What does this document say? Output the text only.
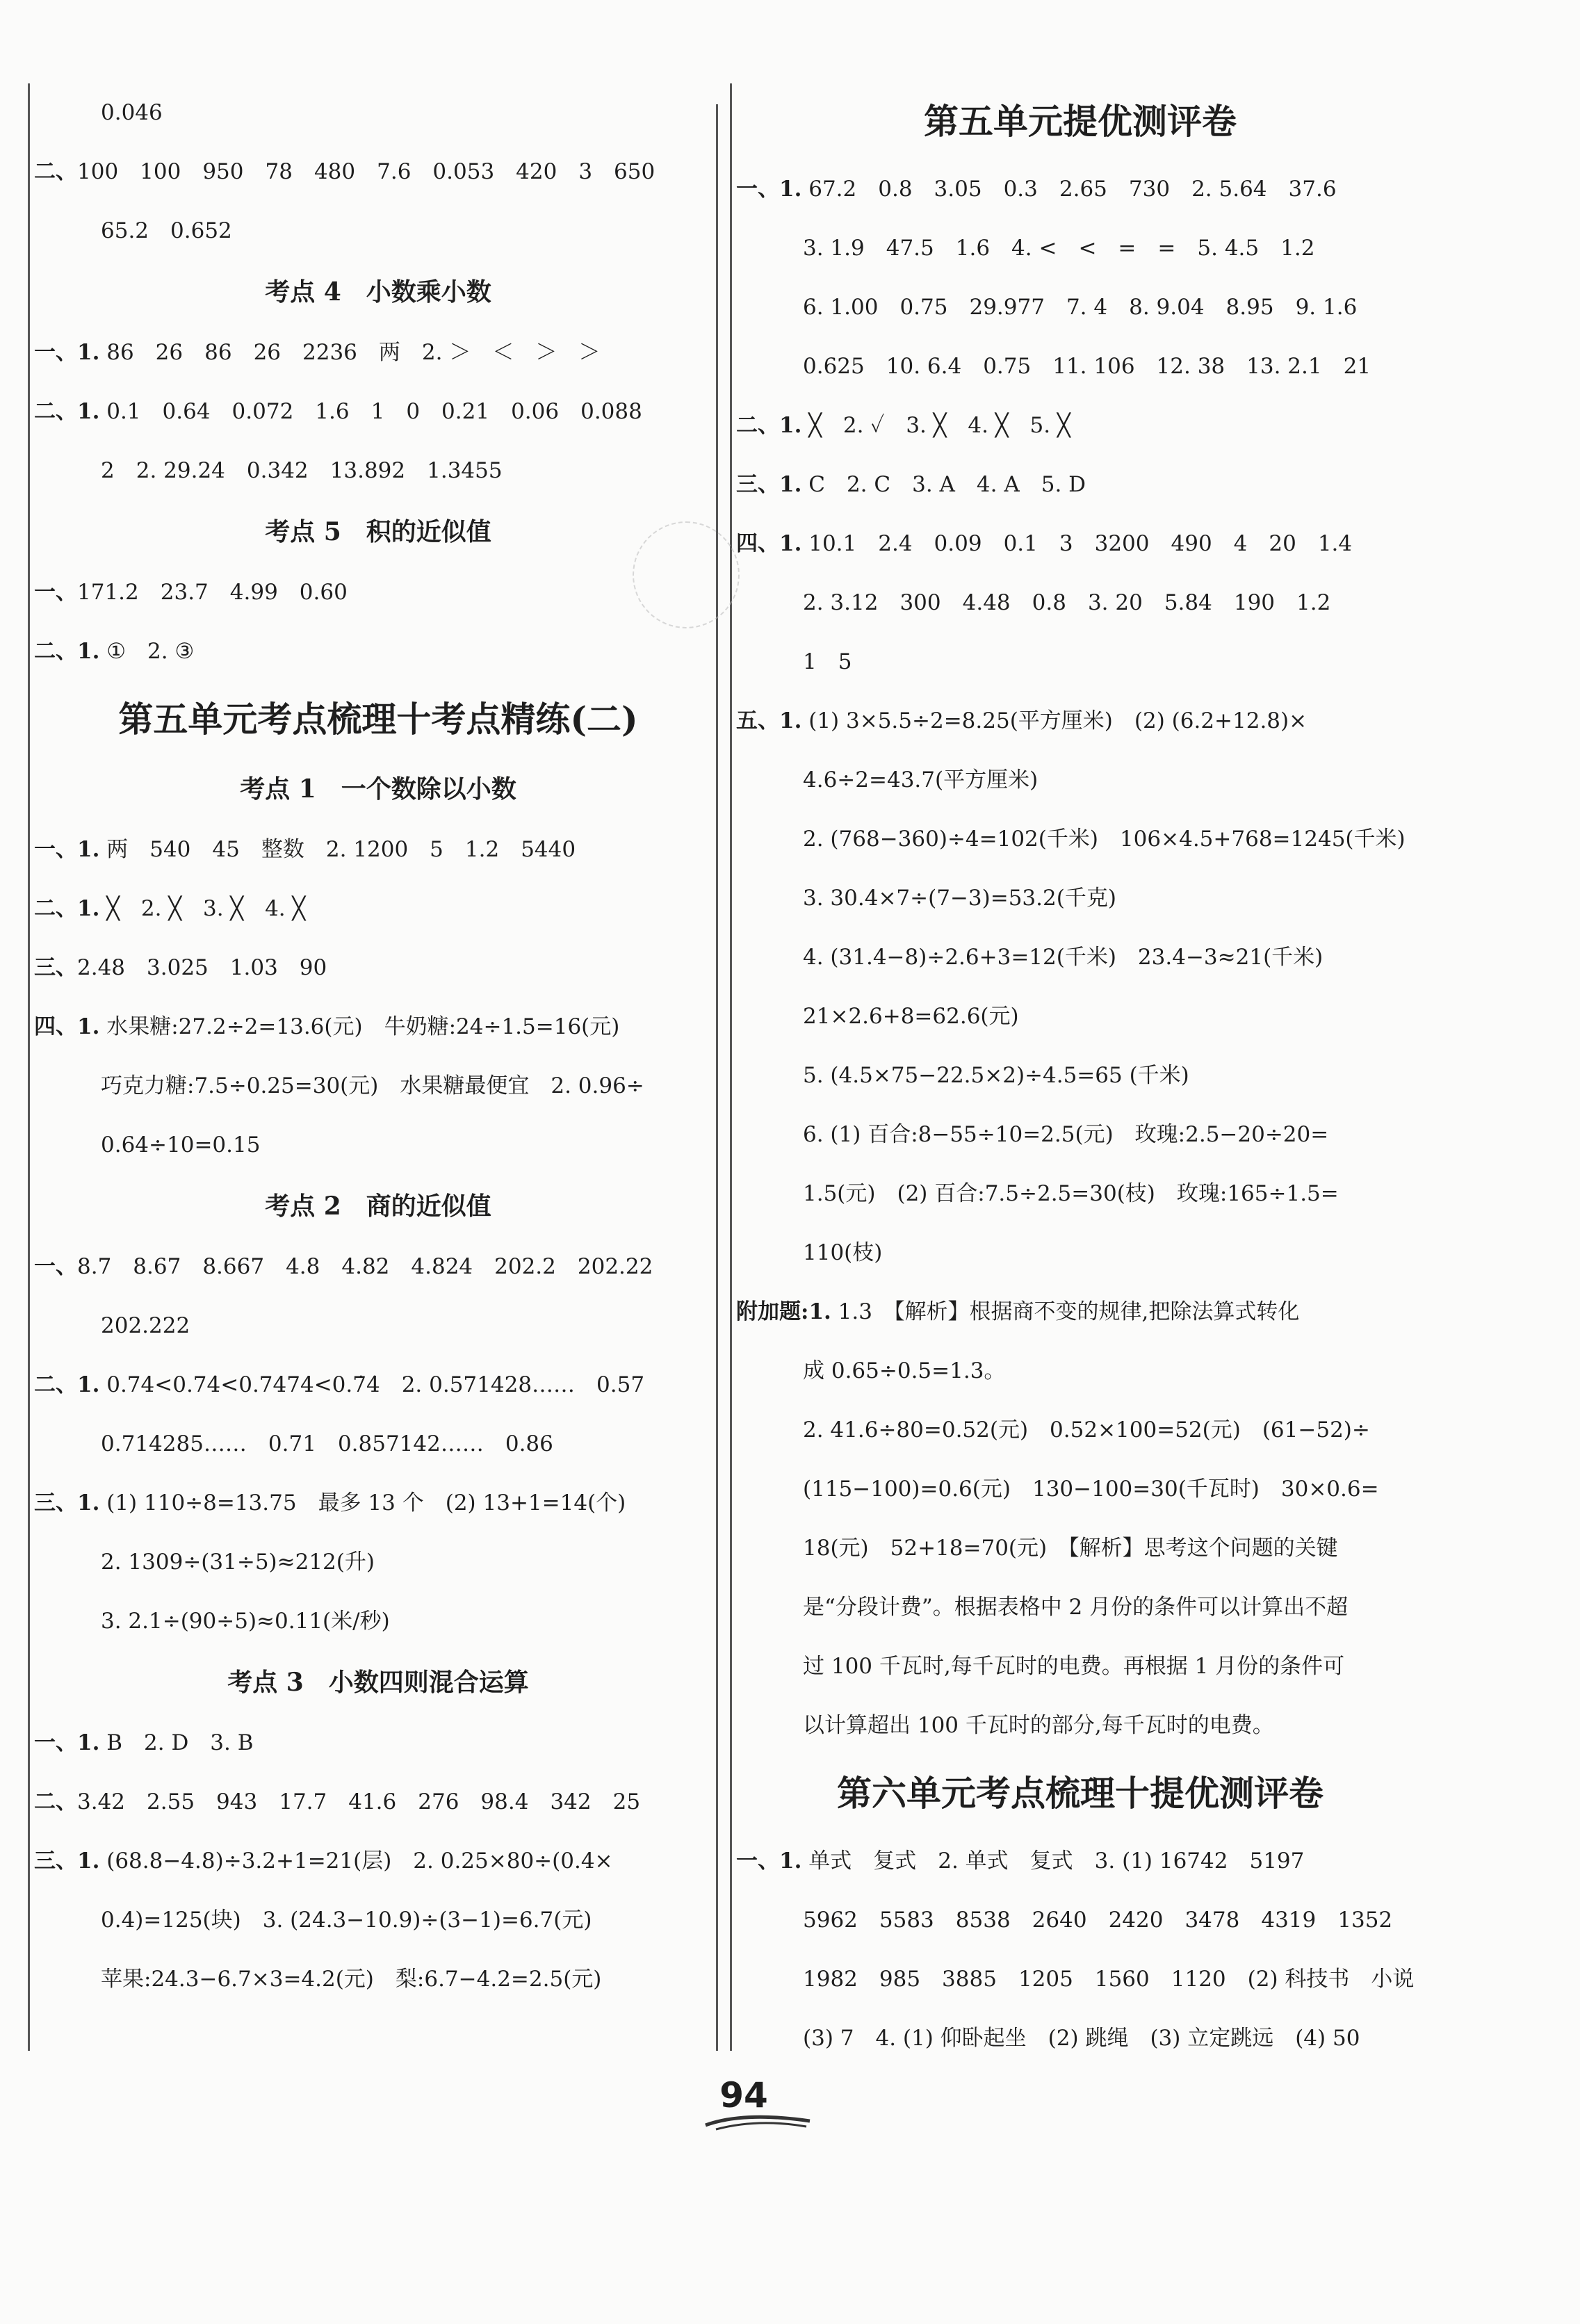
0.046
二、100　100　950　78　480　7.6　0.053　420　3　650
65.2　0.652
考点 4　小数乘小数
一、1. 86　26　86　26　2236　两　2. ＞　＜　＞　＞
二、1. 0.1　0.64　0.072　1.6　1　0　0.21　0.06　0.088
2　2. 29.24　0.342　13.892　1.3455
考点 5　积的近似值
一、171.2　23.7　4.99　0.60
二、1. ①　2. ③
第五单元考点梳理十考点精练(二)
考点 1　一个数除以小数
一、1. 两　540　45　整数　2. 1200　5　1.2　5440
二、1. ╳　2. ╳　3. ╳　4. ╳
三、2.48　3.025　1.03　90
四、1. 水果糖:27.2÷2=13.6(元)　牛奶糖:24÷1.5=16(元)
巧克力糖:7.5÷0.25=30(元)　水果糖最便宜　2. 0.96÷
0.64÷10=0.15
考点 2　商的近似值
一、8.7　8.67　8.667　4.8　4.82　4.824　202.2　202.22
202.222
二、1. 0.74<0.74̇<0.7474<0.7̇4̇　2. 0.571428……　0.57
0.714285……　0.71　0.857142……　0.86
三、1. (1) 110÷8=13.75　最多 13 个　(2) 13+1=14(个)
2. 1309÷(31÷5)≈212(升)
3. 2.1÷(90÷5)≈0.11(米/秒)
考点 3　小数四则混合运算
一、1. B　2. D　3. B
二、3.42　2.55　943　17.7　41.6　276　98.4　342　25
三、1. (68.8−4.8)÷3.2+1=21(层)　2. 0.25×80÷(0.4×
0.4)=125(块)　3. (24.3−10.9)÷(3−1)=6.7(元)
苹果:24.3−6.7×3=4.2(元)　梨:6.7−4.2=2.5(元)
第五单元提优测评卷
一、1. 67.2　0.8　3.05　0.3　2.65　730　2. 5.64　37.6
3. 1.9　47.5　1.6　4. <　<　=　=　5. 4.5　1.2
6. 1.00　0.75　29.977　7. 4　8. 9.04　8.95　9. 1.6
0.625　10. 6.4　0.75　11. 106　12. 38　13. 2.1　21
二、1. ╳　2. ✓　3. ╳　4. ╳　5. ╳
三、1. C　2. C　3. A　4. A　5. D
四、1. 10.1　2.4　0.09　0.1　3　3200　490　4　20　1.4
2. 3.12　300　4.48　0.8　3. 20　5.84　190　1.2
1　5
五、1. (1) 3×5.5÷2=8.25(平方厘米)　(2) (6.2+12.8)×
4.6÷2=43.7(平方厘米)
2. (768−360)÷4=102(千米)　106×4.5+768=1245(千米)
3. 30.4×7÷(7−3)=53.2(千克)
4. (31.4−8)÷2.6+3=12(千米)　23.4−3≈21(千米)
21×2.6+8=62.6(元)
5. (4.5×75−22.5×2)÷4.5=65 (千米)
6. (1) 百合:8−55÷10=2.5(元)　玫瑰:2.5−20÷20=
1.5(元)　(2) 百合:7.5÷2.5=30(枝)　玫瑰:165÷1.5=
110(枝)
附加题:1. 1.3　【解析】根据商不变的规律,把除法算式转化
成 0.65÷0.5=1.3。
2. 41.6÷80=0.52(元)　0.52×100=52(元)　(61−52)÷
(115−100)=0.6(元)　130−100=30(千瓦时)　30×0.6=
18(元)　52+18=70(元)　【解析】思考这个问题的关键
是“分段计费”。根据表格中 2 月份的条件可以计算出不超
过 100 千瓦时,每千瓦时的电费。再根据 1 月份的条件可
以计算超出 100 千瓦时的部分,每千瓦时的电费。
第六单元考点梳理十提优测评卷
一、1. 单式　复式　2. 单式　复式　3. (1) 16742　5197
5962　5583　8538　2640　2420　3478　4319　1352
1982　985　3885　1205　1560　1120　(2) 科技书　小说
(3) 7　4. (1) 仰卧起坐　(2) 跳绳　(3) 立定跳远　(4) 50
94
